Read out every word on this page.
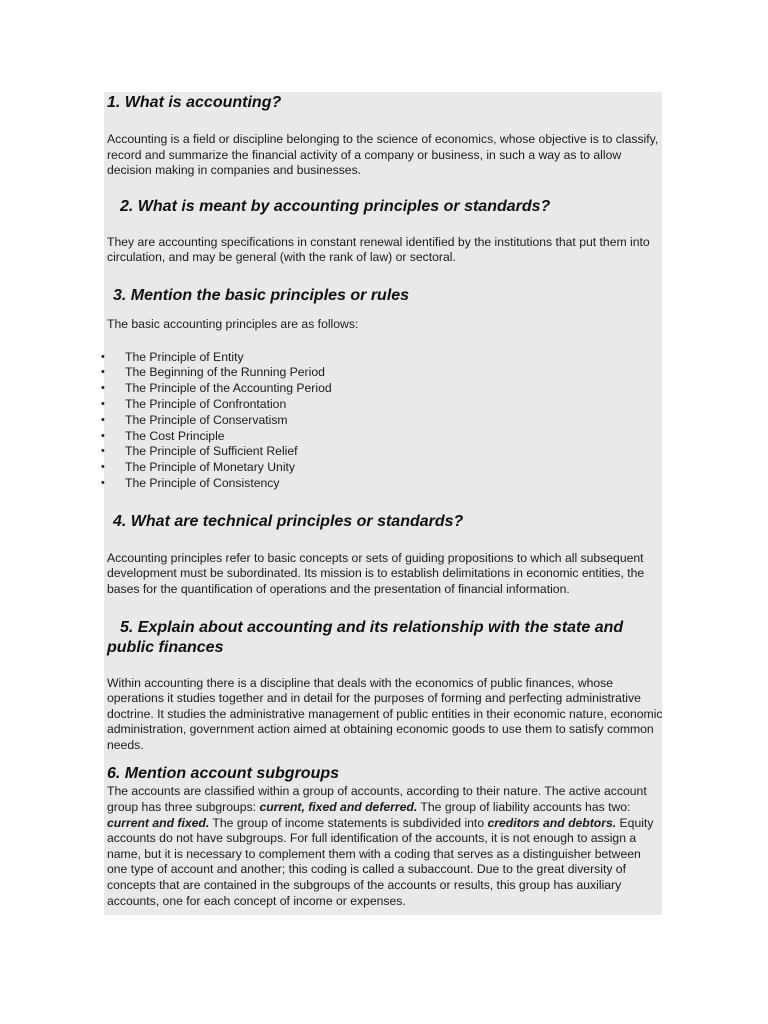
1. What is accounting?

Accounting is a field or discipline belonging to the science of economics, whose objective is to classify, record and summarize the financial activity of a company or business, in such a way as to allow decision making in companies and businesses.

2. What is meant by accounting principles or standards?

They are accounting specifications in constant renewal identified by the institutions that put them into circulation, and may be general (with the rank of law) or sectoral.

3. Mention the basic principles or rules

The basic accounting principles are as follows:

• The Principle of Entity
• The Beginning of the Running Period
• The Principle of the Accounting Period
• The Principle of Confrontation
• The Principle of Conservatism
• The Cost Principle
• The Principle of Sufficient Relief
• The Principle of Monetary Unity
• The Principle of Consistency
4. What are technical principles or standards?

Accounting principles refer to basic concepts or sets of guiding propositions to which all subsequent development must be subordinated. Its mission is to establish delimitations in economic entities, the bases for the quantification of operations and the presentation of financial information.

5. Explain about accounting and its relationship with the state and
public finances

Within accounting there is a discipline that deals with the economics of public finances, whose operations it studies together and in detail for the purposes of forming and perfecting administrative doctrine. It studies the administrative management of public entities in their economic nature, economic administration, government action aimed at obtaining economic goods to use them to satisfy common needs.

6. Mention account subgroups

The accounts are classified within a group of accounts, according to their nature. The active account group has three subgroups: current, fixed and deferred. The group of liability accounts has two: current and fixed. The group of income statements is subdivided into creditors and debtors. Equity accounts do not have subgroups. For full identification of the accounts, it is not enough to assign a name, but it is necessary to complement them with a coding that serves as a distinguisher between one type of account and another; this coding is called a subaccount. Due to the great diversity of concepts that are contained in the subgroups of the accounts or results, this group has auxiliary accounts, one for each concept of income or expenses.
